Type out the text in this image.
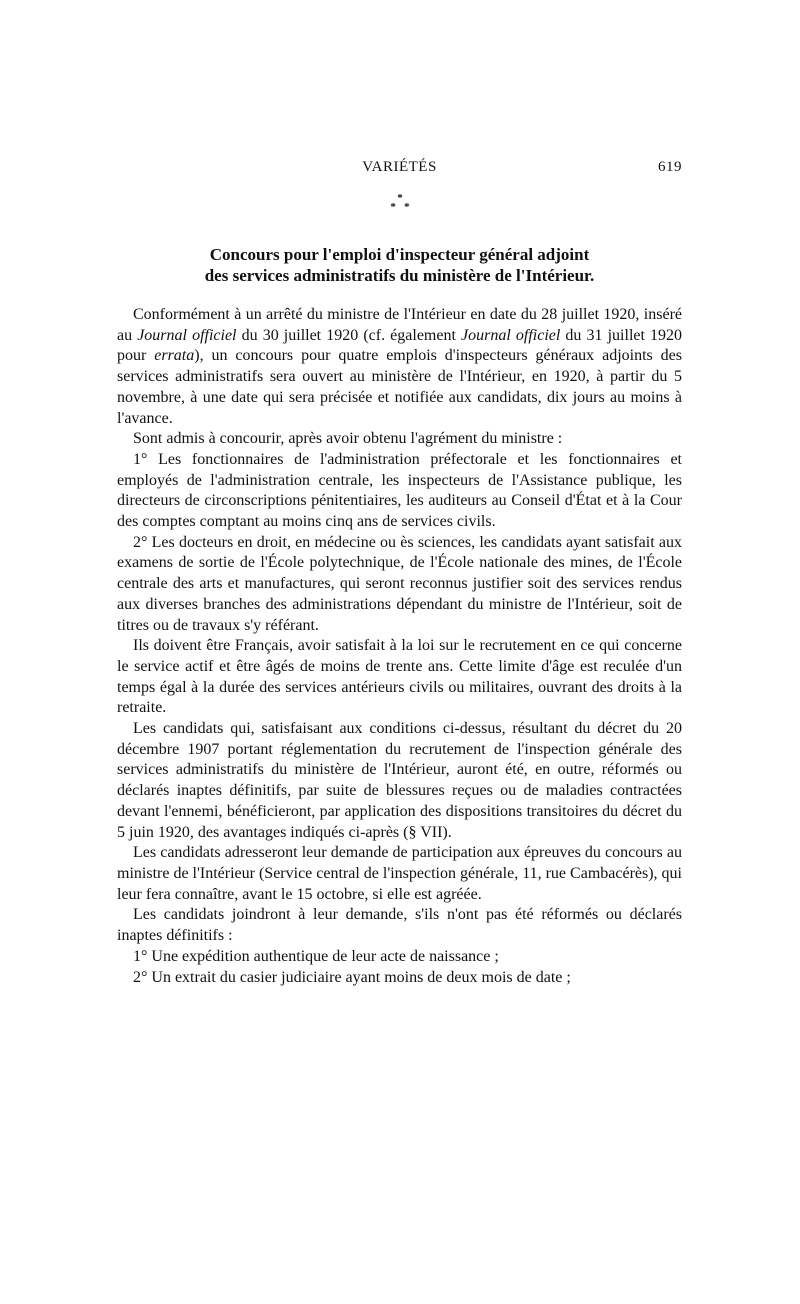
VARIÉTÉS	619
*
*   *
Concours pour l'emploi d'inspecteur général adjoint
des services administratifs du ministère de l'Intérieur.

Conformément à un arrêté du ministre de l'Intérieur en date du 28 juillet 1920, inséré au Journal officiel du 30 juillet 1920 (cf. également Journal officiel du 31 juillet 1920 pour errata), un concours pour quatre emplois d'inspecteurs généraux adjoints des services administratifs sera ouvert au ministère de l'Intérieur, en 1920, à partir du 5 novembre, à une date qui sera précisée et notifiée aux candidats, dix jours au moins à l'avance.

Sont admis à concourir, après avoir obtenu l'agrément du ministre :

1° Les fonctionnaires de l'administration préfectorale et les fonctionnaires et employés de l'administration centrale, les inspecteurs de l'Assistance publique, les directeurs de circonscriptions pénitentiaires, les auditeurs au Conseil d'État et à la Cour des comptes comptant au moins cinq ans de services civils.

2° Les docteurs en droit, en médecine ou ès sciences, les candidats ayant satisfait aux examens de sortie de l'École polytechnique, de l'École nationale des mines, de l'École centrale des arts et manufactures, qui seront reconnus justifier soit des services rendus aux diverses branches des administrations dépendant du ministre de l'Intérieur, soit de titres ou de travaux s'y référant.

Ils doivent être Français, avoir satisfait à la loi sur le recrutement en ce qui concerne le service actif et être âgés de moins de trente ans. Cette limite d'âge est reculée d'un temps égal à la durée des services antérieurs civils ou militaires, ouvrant des droits à la retraite.

Les candidats qui, satisfaisant aux conditions ci-dessus, résultant du décret du 20 décembre 1907 portant réglementation du recrutement de l'inspection générale des services administratifs du ministère de l'Intérieur, auront été, en outre, réformés ou déclarés inaptes définitifs, par suite de blessures reçues ou de maladies contractées devant l'ennemi, bénéficieront, par application des dispositions transitoires du décret du 5 juin 1920, des avantages indiqués ci-après (§ VII).

Les candidats adresseront leur demande de participation aux épreuves du concours au ministre de l'Intérieur (Service central de l'inspection générale, 11, rue Cambacérès), qui leur fera connaître, avant le 15 octobre, si elle est agréée.

Les candidats joindront à leur demande, s'ils n'ont pas été réformés ou déclarés inaptes définitifs :

1° Une expédition authentique de leur acte de naissance ;

2° Un extrait du casier judiciaire ayant moins de deux mois de date ;
